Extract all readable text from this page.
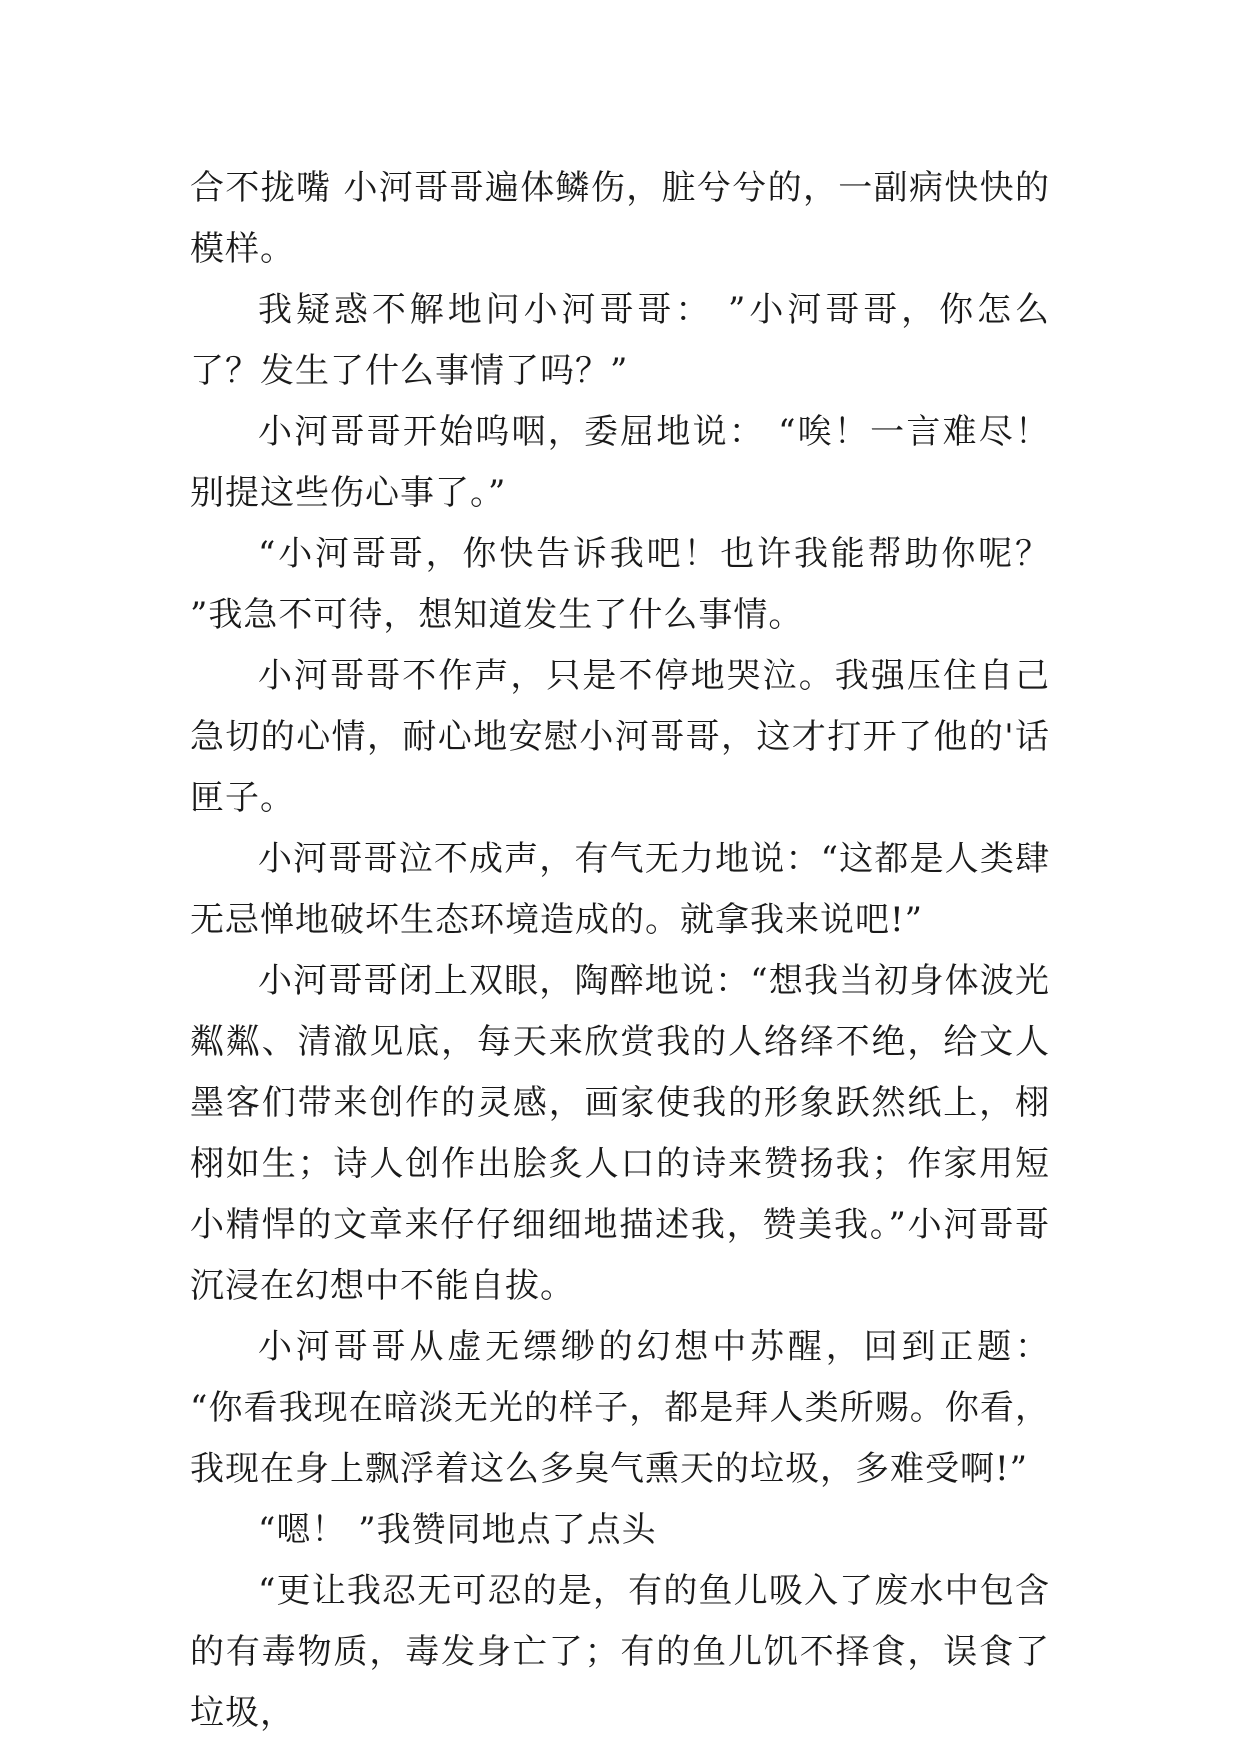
合不拢嘴 小河哥哥遍体鳞伤，脏兮兮的，一副病快快的模样。

我疑惑不解地问小河哥哥： ”小河哥哥，你怎么了？发生了什么事情了吗？”

小河哥哥开始呜咽，委屈地说： “唉！一言难尽！别提这些伤心事了。”

“小河哥哥，你快告诉我吧！也许我能帮助你呢？ ”我急不可待，想知道发生了什么事情。

小河哥哥不作声，只是不停地哭泣。我强压住自己急切的心情，耐心地安慰小河哥哥，这才打开了他的'话匣子。

小河哥哥泣不成声，有气无力地说：“这都是人类肆无忌惮地破坏生态环境造成的。就拿我来说吧!”

小河哥哥闭上双眼，陶醉地说：“想我当初身体波光粼粼、清澈见底，每天来欣赏我的人络绎不绝，给文人墨客们带来创作的灵感，画家使我的形象跃然纸上，栩栩如生；诗人创作出脍炙人口的诗来赞扬我；作家用短小精悍的文章来仔仔细细地描述我，赞美我。”小河哥哥沉浸在幻想中不能自拔。

小河哥哥从虚无缥缈的幻想中苏醒，回到正题： “你看我现在暗淡无光的样子，都是拜人类所赐。你看，我现在身上飘浮着这么多臭气熏天的垃圾，多难受啊!”

“嗯！ ”我赞同地点了点头

“更让我忍无可忍的是，有的鱼儿吸入了废水中包含的有毒物质，毒发身亡了；有的鱼儿饥不择食，误食了垃圾，
